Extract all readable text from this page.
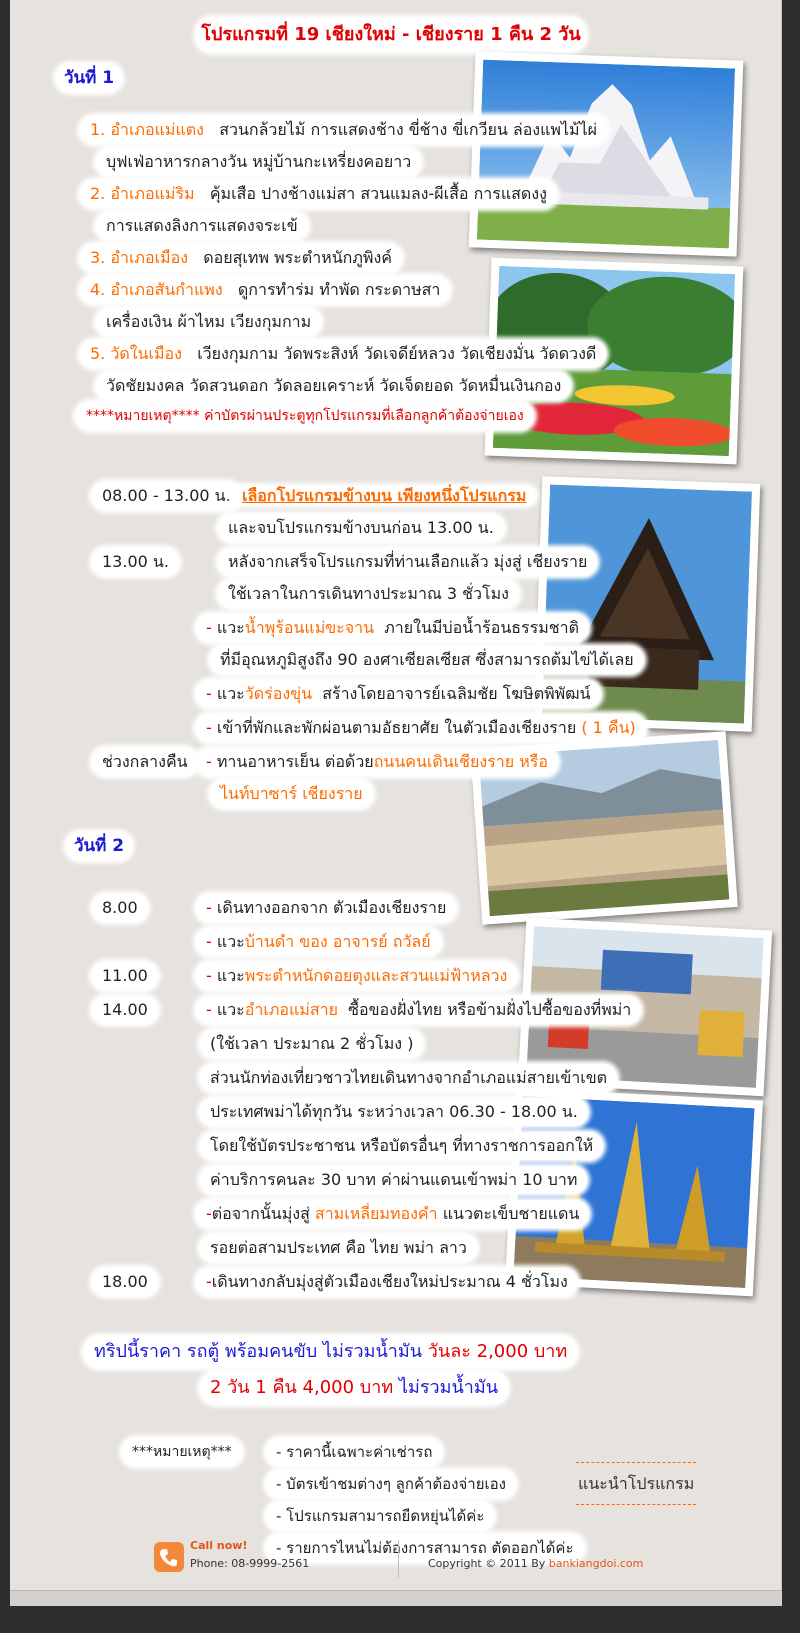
โปรแกรมที่ 19 เชียงใหม่ - เชียงราย 1 คืน 2 วัน
วันที่ 1
1. อำเภอแม่แตง สวนกล้วยไม้ การแสดงช้าง ขี่ช้าง ขี่เกวียน ล่องแพไม้ไผ่
บุฟเฟ่อาหารกลางวัน หมู่บ้านกะเหรี่ยงคอยาว
2. อำเภอแม่ริม คุ้มเสือ ปางช้างแม่สา สวนแมลง-ผีเสื้อ การแสดงงู
การแสดงลิงการแสดงจระเข้
3. อำเภอเมือง ดอยสุเทพ พระตำหนักภูพิงค์
4. อำเภอสันกำแพง ดูการทำร่ม ทำพัด กระดาษสา
เครื่องเงิน ผ้าไหม เวียงกุมกาม
5. วัดในเมือง เวียงกุมกาม วัดพระสิงห์ วัดเจดีย์หลวง วัดเชียงมั่น วัดดวงดี
วัดชัยมงคล วัดสวนดอก วัดลอยเคราะห์ วัดเจ็ดยอด วัดหมื่นเงินกอง
****หมายเหตุ**** ค่าบัตรผ่านประตูทุกโปรแกรมที่เลือกลูกค้าต้องจ่ายเอง
08.00 - 13.00 น. เลือกโปรแกรมข้างบน เพียงหนึ่งโปรแกรม
และจบโปรแกรมข้างบนก่อน 13.00 น.
13.00 น.	หลังจากเสร็จโปรแกรมที่ท่านเลือกแล้ว มุ่งสู่ เชียงราย
ใช้เวลาในการเดินทางประมาณ 3 ชั่วโมง
- แวะน้ำพุร้อนแม่ขะจาน ภายในมีบ่อน้ำร้อนธรรมชาติ
ที่มีอุณหภูมิสูงถึง 90 องศาเซียลเซียส ซึ่งสามารถต้มไข่ได้เลย
- แวะวัดร่องขุ่น สร้างโดยอาจารย์เฉลิมชัย โฆษิตพิพัฒน์
- เข้าที่พักและพักผ่อนตามอัธยาศัย ในตัวเมืองเชียงราย ( 1 คืน)
ช่วงกลางคืน	- ทานอาหารเย็น ต่อด้วยถนนคนเดินเชียงราย หรือ
ไนท์บาซาร์ เชียงราย
วันที่ 2
8.00	- เดินทางออกจาก ตัวเมืองเชียงราย
- แวะบ้านดำ ของ อาจารย์ ถวัลย์
11.00	- แวะพระตำหนักดอยตุงและสวนแม่ฟ้าหลวง
14.00	- แวะอำเภอแม่สาย ซื้อของฝั่งไทย หรือข้ามฝั่งไปซื้อของที่พม่า
(ใช้เวลา ประมาณ 2 ชั่วโมง )
ส่วนนักท่องเที่ยวชาวไทยเดินทางจากอำเภอแม่สายเข้าเขต
ประเทศพม่าได้ทุกวัน ระหว่างเวลา 06.30 - 18.00 น.
โดยใช้บัตรประชาชน หรือบัตรอื่นๆ ที่ทางราชการออกให้
ค่าบริการคนละ 30 บาท ค่าผ่านแดนเข้าพม่า 10 บาท
-ต่อจากนั้นมุ่งสู่ สามเหลี่ยมทองคำ แนวตะเข็บชายแดน
รอยต่อสามประเทศ คือ ไทย พม่า ลาว
18.00	-เดินทางกลับมุ่งสู่ตัวเมืองเชียงใหม่ประมาณ 4 ชั่วโมง
ทริปนี้ราคา รถตู้ พร้อมคนขับ ไม่รวมน้ำมัน วันละ 2,000 บาท
2 วัน 1 คืน 4,000 บาท ไม่รวมน้ำมัน
***หมายเหตุ***	- ราคานี้เฉพาะค่าเช่ารถ
- บัตรเข้าชมต่างๆ ลูกค้าต้องจ่ายเอง
- โปรแกรมสามารถยืดหยุ่นได้ค่ะ
- รายการไหนไม่ต้องการสามารถ ตัดออกได้ค่ะ
แนะนำโปรแกรม
Call now!
Phone: 08-9999-2561	Copyright © 2011 By bankiangdoi.com
